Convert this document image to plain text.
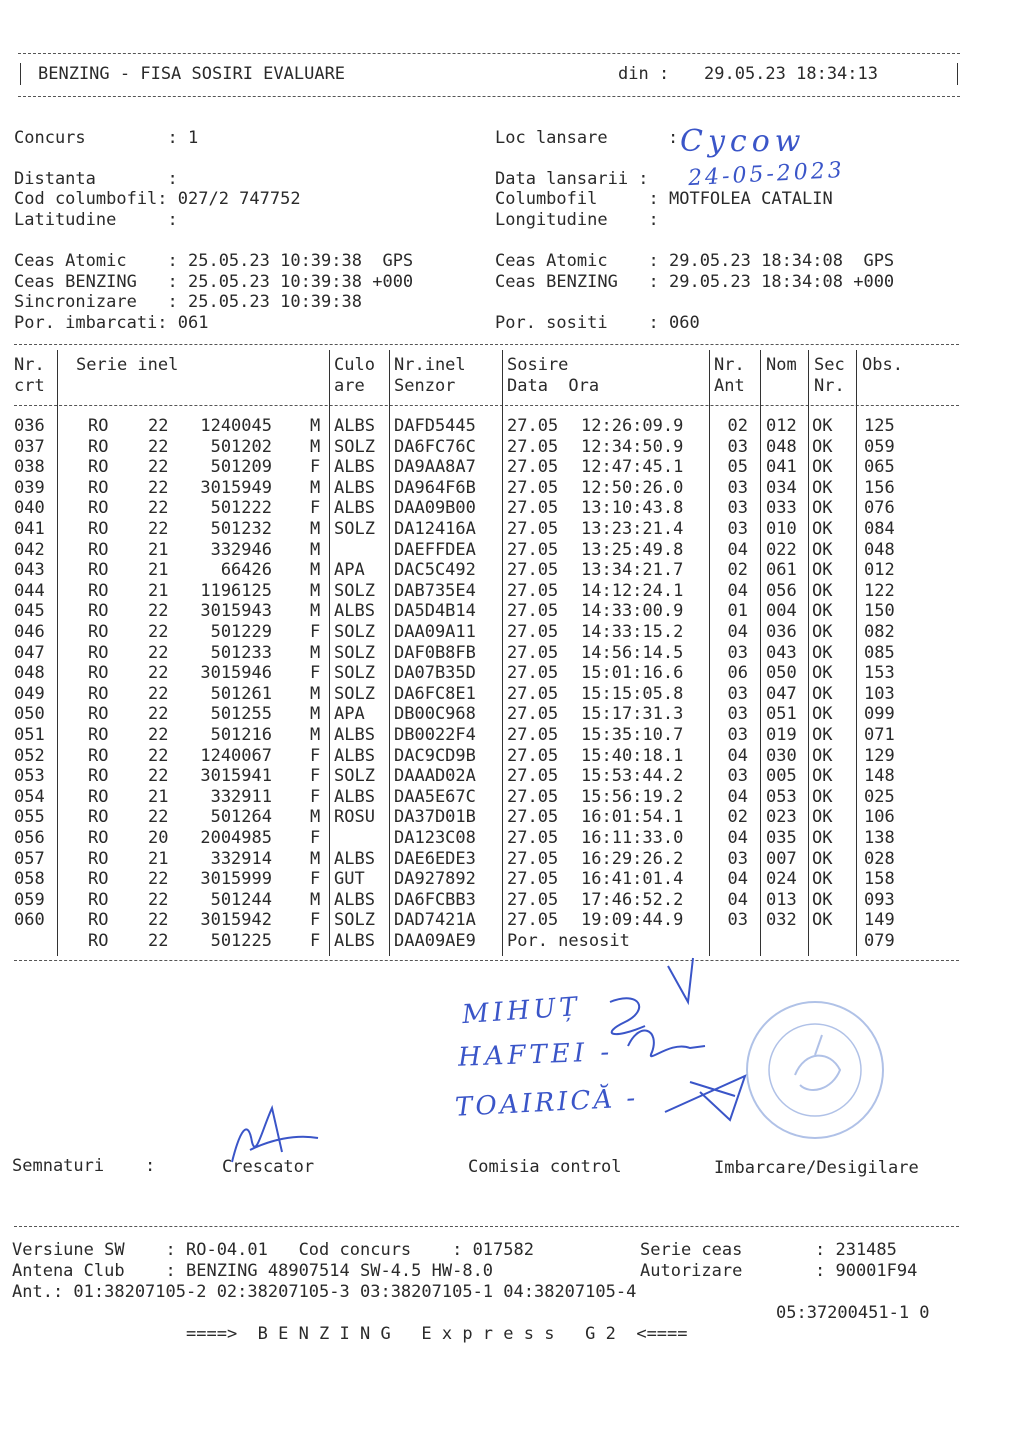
BENZING - FISA SOSIRI EVALUARE	din : 29.05.23 18:34:13
Concurs        : 1	Loc lansare	: Cycow
Distanta       :	Data lansarii : 24-05-2023
Cod columbofil: 027/2 747752	Columbofil     : MOTFOLEA CATALIN
Latitudine     :	Longitudine    :
Ceas Atomic    : 25.05.23 10:39:38  GPS	Ceas Atomic    : 29.05.23 18:34:08  GPS
Ceas BENZING   : 25.05.23 10:39:38 +000	Ceas BENZING   : 29.05.23 18:34:08 +000
Sincronizare   : 25.05.23 10:39:38
Por. imbarcati: 061	Por. sositi    : 060
Nr.
crt
Serie inel	Culo
are
Nr.inel
Senzor
Sosire
Data  Ora
Nr.
Ant
Nom Sec
Nr.
Obs.
036	RO 22	1240045 M ALBS DAFD5445 27.05 12:26:09.9	02 012 OK 125
037	RO 22	501202 M SOLZ DA6FC76C 27.05 12:34:50.9	03 048 OK 059
038	RO 22	501209 F ALBS DA9AA8A7 27.05 12:47:45.1	05 041 OK 065
039	RO 22	3015949 M ALBS DA964F6B 27.05 12:50:26.0	03 034 OK 156
040	RO 22	501222 F ALBS DAA09B00 27.05 13:10:43.8	03 033 OK 076
041	RO 22	501232 M SOLZ DA12416A 27.05 13:23:21.4	03 010 OK 084
042	RO 21	332946 M	DAEFFDEA 27.05 13:25:49.8	04 022 OK 048
043	RO 21	66426 M APA DAC5C492 27.05 13:34:21.7	02 061 OK 012
044	RO 21	1196125 M SOLZ DAB735E4 27.05 14:12:24.1	04 056 OK 122
045	RO 22	3015943 M ALBS DA5D4B14 27.05 14:33:00.9	01 004 OK 150
046	RO 22	501229 F SOLZ DAA09A11 27.05 14:33:15.2	04 036 OK 082
047	RO 22	501233 M SOLZ DAF0B8FB 27.05 14:56:14.5	03 043 OK 085
048	RO 22	3015946 F SOLZ DA07B35D 27.05 15:01:16.6	06 050 OK 153
049	RO 22	501261 M SOLZ DA6FC8E1 27.05 15:15:05.8	03 047 OK 103
050	RO 22	501255 M APA DB00C968 27.05 15:17:31.3	03 051 OK 099
051	RO 22	501216 M ALBS DB0022F4 27.05 15:35:10.7	03 019 OK 071
052	RO 22	1240067 F ALBS DAC9CD9B 27.05 15:40:18.1	04 030 OK 129
053	RO 22	3015941 F SOLZ DAAAD02A 27.05 15:53:44.2	03 005 OK 148
054	RO 21	332911 F ALBS DAA5E67C 27.05 15:56:19.2	04 053 OK 025
055	RO 22	501264 M ROSU DA37D01B 27.05 16:01:54.1	02 023 OK 106
056	RO 20	2004985 F	DA123C08 27.05 16:11:33.0	04 035 OK 138
057	RO 21	332914 M ALBS DAE6EDE3 27.05 16:29:26.2	03 007 OK 028
058	RO 22	3015999 F GUT DA927892 27.05 16:41:01.4	04 024 OK 158
059	RO 22	501244 M ALBS DA6FCBB3 27.05 17:46:52.2	04 013 OK 093
060	RO 22	3015942 F SOLZ DAD7421A 27.05 19:09:44.9	03 032 OK 149
RO 22	501225 F ALBS DAA09AE9 Por. nesosit	079
MIHUȚ
HAFTEI -
TOAIRICĂ -
Semnaturi    :	Crescator	Comisia control	Imbarcare/Desigilare
Versiune SW    : RO-04.01   Cod concurs    : 017582	Serie ceas	: 231485
Antena Club    : BENZING 48907514 SW-4.5 HW-8.0	Autorizare	: 90001F94
Ant.: 01:38207105-2 02:38207105-3 03:38207105-1 04:38207105-4
05:37200451-1 0
====>  B E N Z I N G   E x p r e s s   G 2  <====
